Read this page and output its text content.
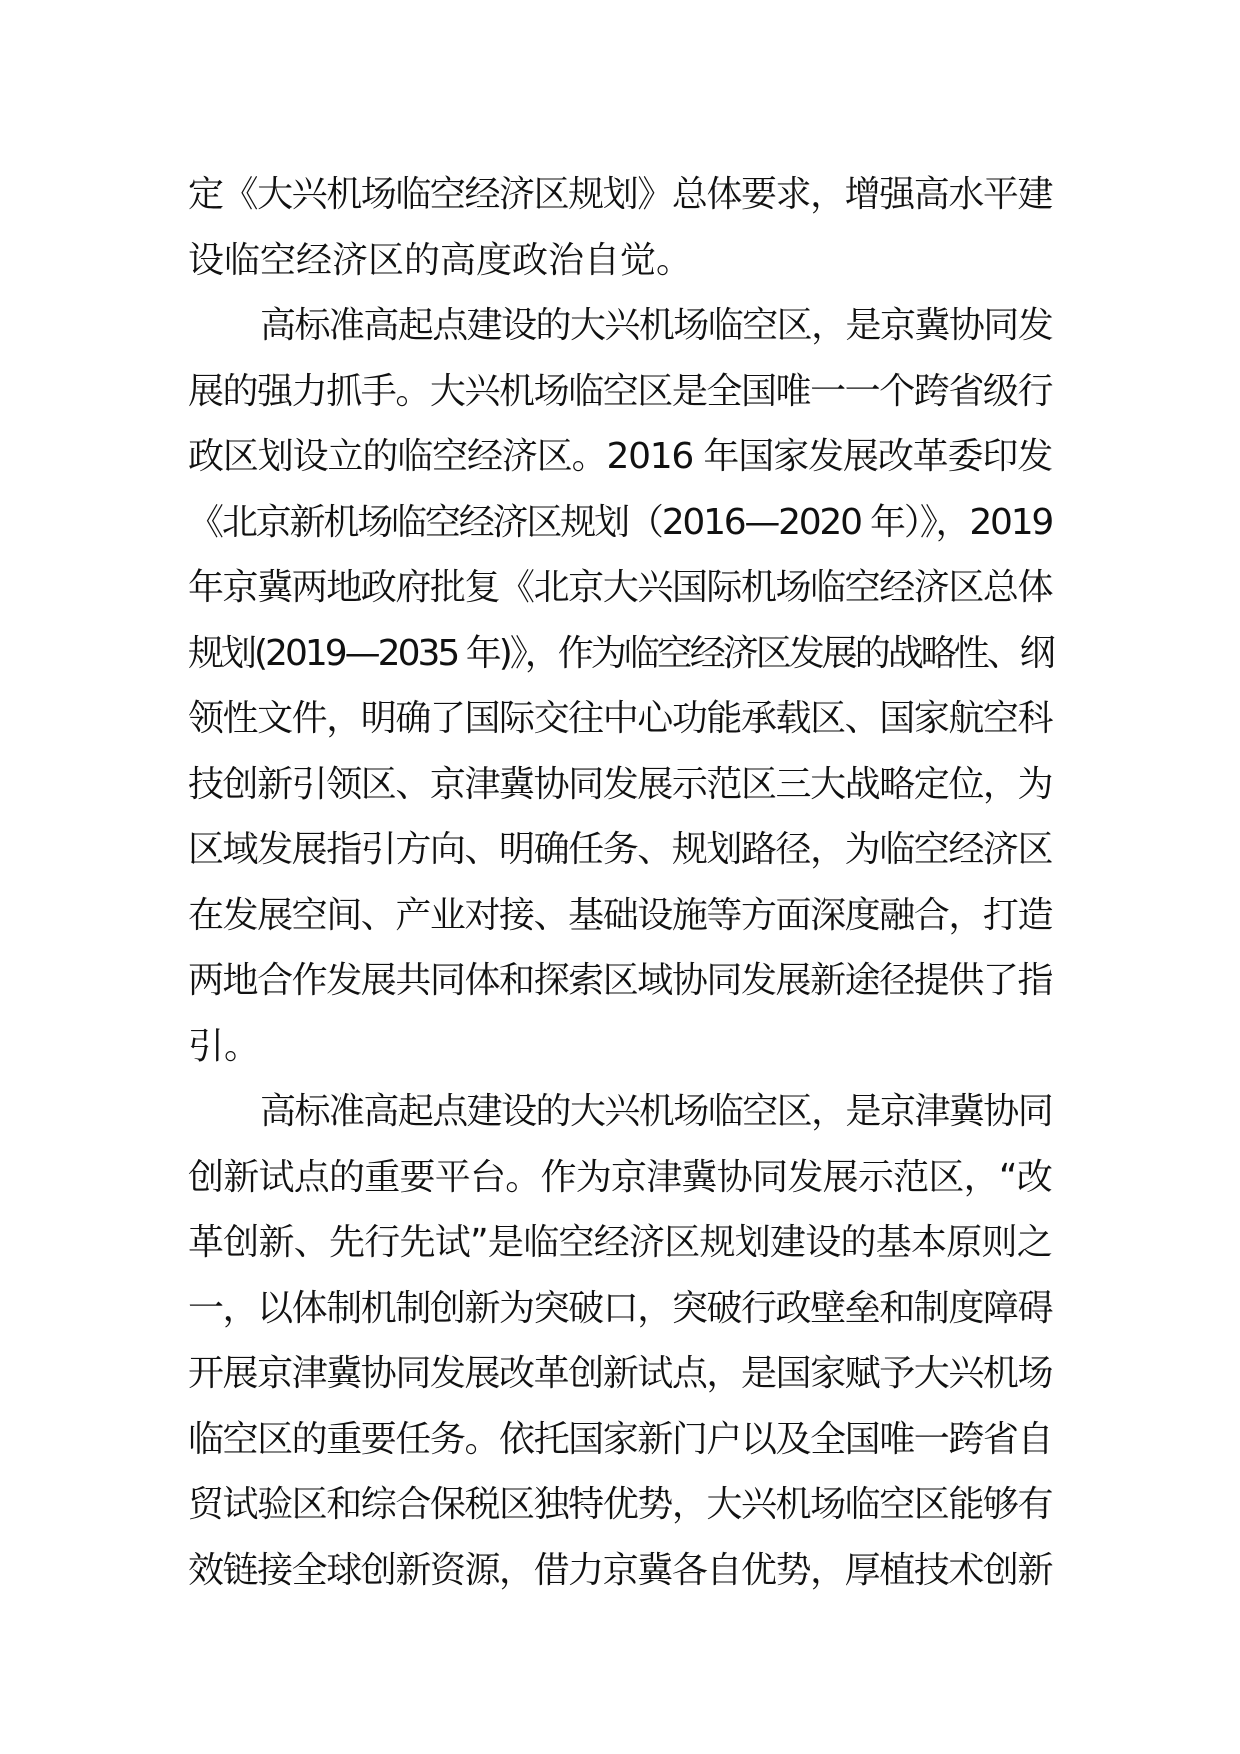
定《大兴机场临空经济区规划》总体要求，增强高水平建
设临空经济区的高度政治自觉。
高标准高起点建设的大兴机场临空区，是京冀协同发
展的强力抓手。大兴机场临空区是全国唯一一个跨省级行
政区划设立的临空经济区。2016 年国家发展改革委印发
《北京新机场临空经济区规划（2016—2020 年）》，2019
年京冀两地政府批复《北京大兴国际机场临空经济区总体
规划(2019—2035 年)》，作为临空经济区发展的战略性、纲
领性文件，明确了国际交往中心功能承载区、国家航空科
技创新引领区、京津冀协同发展示范区三大战略定位，为
区域发展指引方向、明确任务、规划路径，为临空经济区
在发展空间、产业对接、基础设施等方面深度融合，打造
两地合作发展共同体和探索区域协同发展新途径提供了指
引。
高标准高起点建设的大兴机场临空区，是京津冀协同
创新试点的重要平台。作为京津冀协同发展示范区，“改
革创新、先行先试”是临空经济区规划建设的基本原则之
一，以体制机制创新为突破口，突破行政壁垒和制度障碍
开展京津冀协同发展改革创新试点，是国家赋予大兴机场
临空区的重要任务。依托国家新门户以及全国唯一跨省自
贸试验区和综合保税区独特优势，大兴机场临空区能够有
效链接全球创新资源，借力京冀各自优势，厚植技术创新
